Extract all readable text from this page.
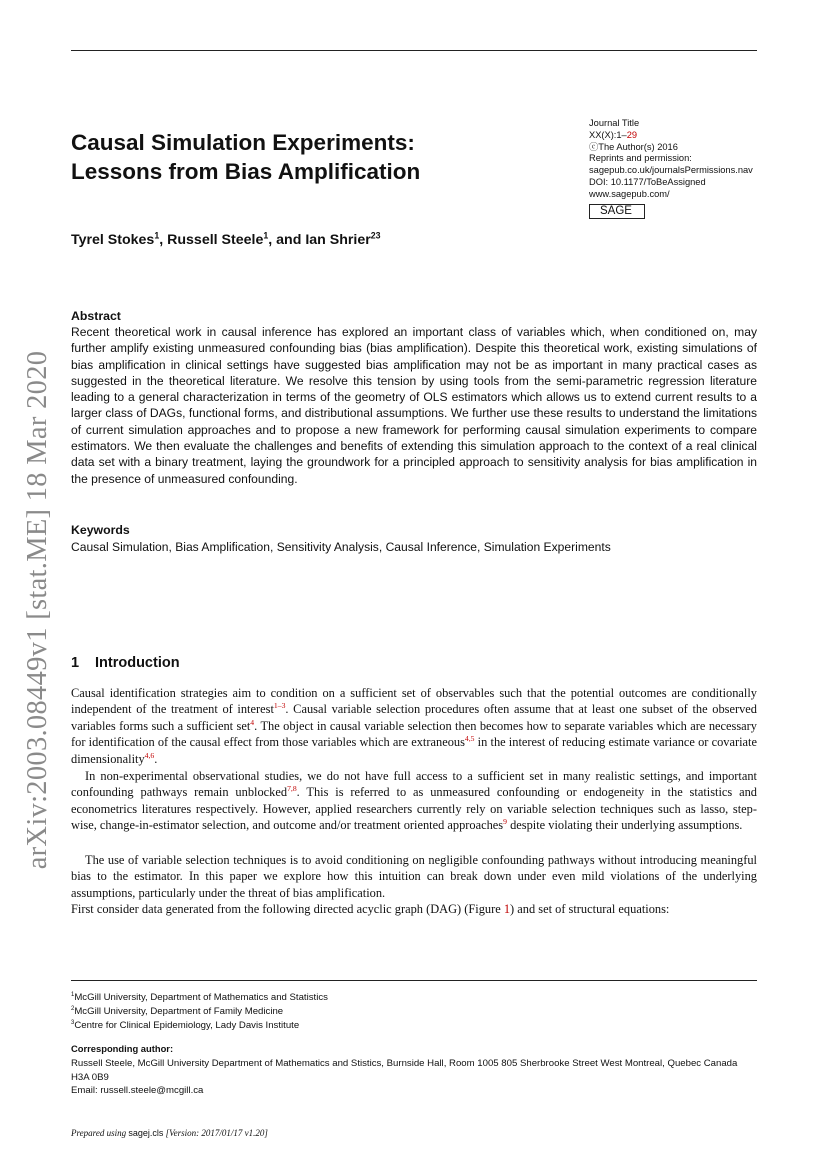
arXiv:2003.08449v1 [stat.ME] 18 Mar 2020
Causal Simulation Experiments:
Lessons from Bias Amplification
Journal Title
XX(X):1–29
ⓒThe Author(s) 2016
Reprints and permission:
sagepub.co.uk/journalsPermissions.nav
DOI: 10.1177/ToBeAssigned
www.sagepub.com/
SAGE
Tyrel Stokes$^1$, Russell Steele$^1$, and Ian Shrier$^{23}$
Abstract

Recent theoretical work in causal inference has explored an important class of variables which, when conditioned on, may further amplify existing unmeasured confounding bias (bias amplification). Despite this theoretical work, existing simulations of bias amplification in clinical settings have suggested bias amplification may not be as important in many practical cases as suggested in the theoretical literature. We resolve this tension by using tools from the semi-parametric regression literature leading to a general characterization in terms of the geometry of OLS estimators which allows us to extend current results to a larger class of DAGs, functional forms, and distributional assumptions. We further use these results to understand the limitations of current simulation approaches and to propose a new framework for performing causal simulation experiments to compare estimators. We then evaluate the challenges and benefits of extending this simulation approach to the context of a real clinical data set with a binary treatment, laying the groundwork for a principled approach to sensitivity analysis for bias amplification in the presence of unmeasured confounding.

Keywords
Causal Simulation, Bias Amplification, Sensitivity Analysis, Causal Inference, Simulation Experiments
1 Introduction

Causal identification strategies aim to condition on a sufficient set of observables such that the potential outcomes are conditionally independent of the treatment of interest$^{1-3}$. Causal variable selection procedures often assume that at least one subset of the observed variables forms such a sufficient set$^4$. The object in causal variable selection then becomes how to separate variables which are necessary for identification of the causal effect from those variables which are extraneous$^{4,5}$ in the interest of reducing estimate variance or covariate dimensionality$^{4,6}$.

In non-experimental observational studies, we do not have full access to a sufficient set in many realistic settings, and important confounding pathways remain unblocked$^{7,8}$. This is referred to as unmeasured confounding or endogeneity in the statistics and econometrics literatures respectively. However, applied researchers currently rely on variable selection techniques such as lasso, step-wise, change-in-estimator selection, and outcome and/or treatment oriented approaches$^9$ despite violating their underlying assumptions.

The use of variable selection techniques is to avoid conditioning on negligible confounding pathways without introducing meaningful bias to the estimator. In this paper we explore how this intuition can break down under even mild violations of the underlying assumptions, particularly under the threat of bias amplification.

First consider data generated from the following directed acyclic graph (DAG) (Figure 1) and set of structural equations:

$^1$McGill University, Department of Mathematics and Statistics
$^2$McGill University, Department of Family Medicine
$^3$Centre for Clinical Epidemiology, Lady Davis Institute
Corresponding author:
Russell Steele, McGill University Department of Mathematics and Stistics, Burnside Hall, Room 1005 805 Sherbrooke Street West Montreal, Quebec Canada H3A 0B9
Email: russell.steele@mcgill.ca
Prepared using sagej.cls [Version: 2017/01/17 v1.20]
